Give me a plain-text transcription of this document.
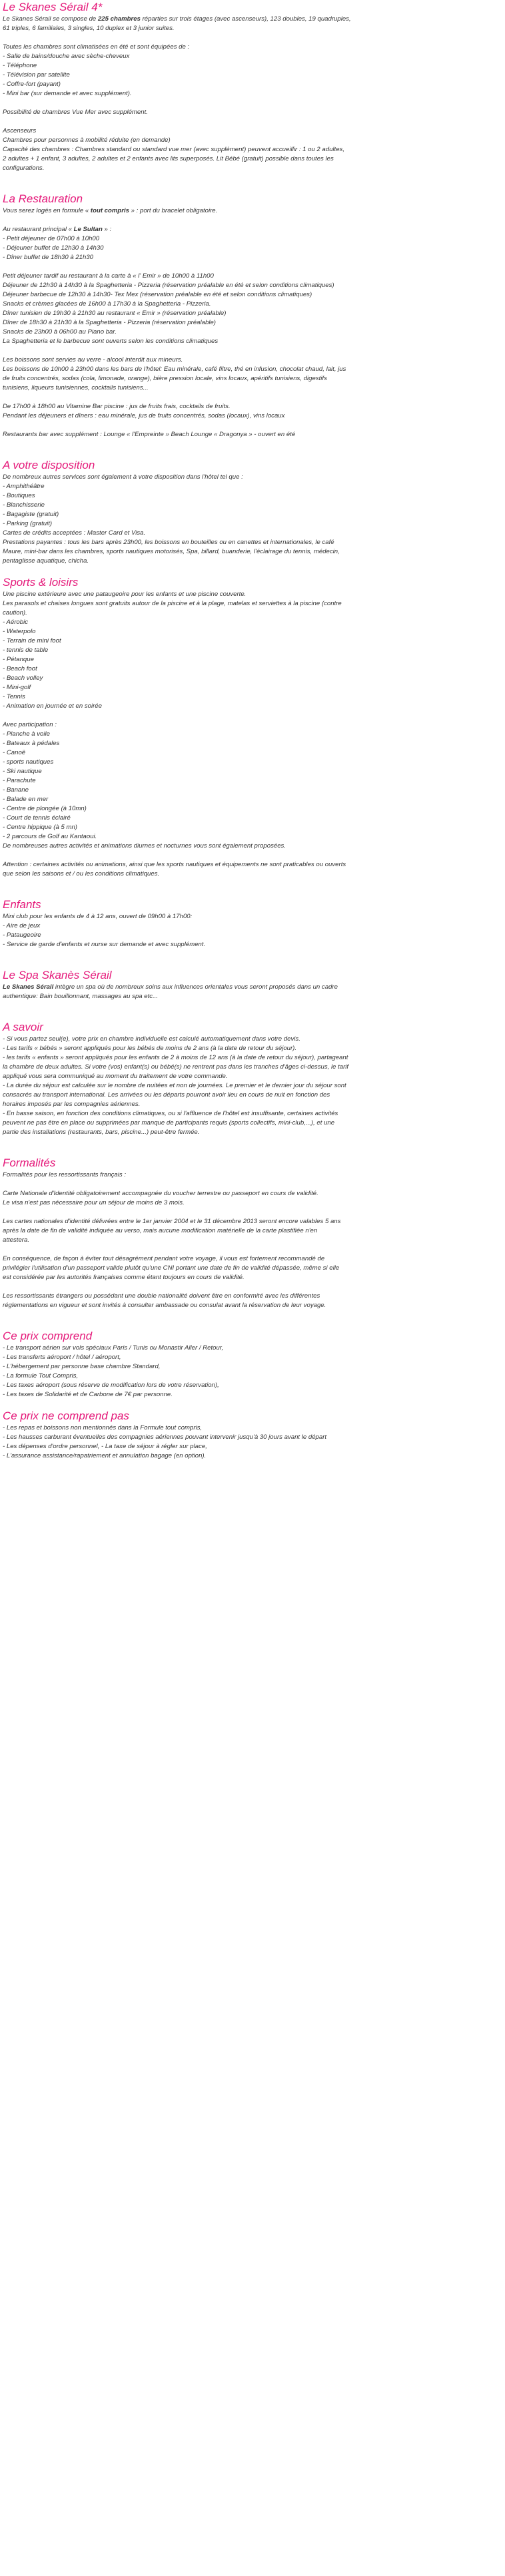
Le Skanes Sérail 4*
Le Skanes Sérail se compose de 225 chambres réparties sur trois étages (avec ascenseurs), 123 doubles, 19 quadruples,
61 triples, 6 familiales, 3 singles, 10 duplex et 3 junior suites.
Toutes les chambres sont climatisées en été et sont équipées de :
- Salle de bains/douche avec sèche-cheveux
- Téléphone
- Télévision par satellite
- Coffre-fort (payant)
- Mini bar (sur demande et avec supplément).
Possibilité de chambres Vue Mer avec supplément.
Ascenseurs
Chambres pour personnes à mobilité réduite (en demande)
Capacité des chambres : Chambres standard ou standard vue mer (avec supplément) peuvent accueillir : 1 ou 2 adultes,
2 adultes + 1 enfant, 3 adultes, 2 adultes et 2 enfants avec lits superposés. Lit Bébé (gratuit) possible dans toutes les
configurations.
La Restauration
Vous serez logés en formule « tout compris » : port du bracelet obligatoire.
Au restaurant principal « Le Sultan » :
- Petit déjeuner de 07h00 à 10h00
- Déjeuner buffet de 12h30 à 14h30
- Dîner buffet de 18h30 à 21h30
Petit déjeuner tardif au restaurant à la carte à « l' Emir » de 10h00 à 11h00
Déjeuner de 12h30 à 14h30 à la Spaghetteria - Pizzeria (réservation préalable en été et selon conditions climatiques)
Déjeuner barbecue de 12h30 à 14h30- Tex Mex (réservation préalable en été et selon conditions climatiques)
Snacks et crèmes glacées de 16h00 à 17h30 à la Spaghetteria - Pizzeria.
Dîner tunisien de 19h30 à 21h30 au restaurant « Emir » (réservation préalable)
Dîner de 18h30 à 21h30 à la Spaghetteria - Pizzeria (réservation préalable)
Snacks de 23h00 à 06h00 au Piano bar.
La Spaghetteria et le barbecue sont ouverts selon les conditions climatiques
Les boissons sont servies au verre - alcool interdit aux mineurs.
Les boissons de 10h00 à 23h00 dans les bars de l'hôtel: Eau minérale, café filtre, thé en infusion, chocolat chaud, lait, jus
de fruits concentrés, sodas (cola, limonade, orange), bière pression locale, vins locaux, apéritifs tunisiens, digestifs
tunisiens, liqueurs tunisiennes, cocktails tunisiens...
De 17h00 à 18h00 au Vitamine Bar piscine : jus de fruits frais, cocktails de fruits.
Pendant les déjeuners et dîners : eau minérale, jus de fruits concentrés, sodas (locaux), vins locaux
Restaurants bar avec supplément : Lounge « l'Empreinte » Beach Lounge « Dragonya » - ouvert en été
A votre disposition
De nombreux autres services sont également à votre disposition dans l'hôtel tel que :
- Amphithéâtre
- Boutiques
- Blanchisserie
- Bagagiste (gratuit)
- Parking (gratuit)
Cartes de crédits acceptées : Master Card et Visa.
Prestations payantes : tous les bars après 23h00, les boissons en bouteilles ou en canettes et internationales, le café
Maure, mini-bar dans les chambres, sports nautiques motorisés, Spa, billard, buanderie, l'éclairage du tennis, médecin,
pentaglisse aquatique, chicha.
Sports & loisirs
Une piscine extérieure avec une pataugeoire pour les enfants et une piscine couverte.
Les parasols et chaises longues sont gratuits autour de la piscine et à la plage, matelas et serviettes à la piscine (contre
caution).
- Aérobic
- Waterpolo
- Terrain de mini foot
- tennis de table
- Pétanque
- Beach foot
- Beach volley
- Mini-golf
- Tennis
- Animation en journée et en soirée
Avec participation :
- Planche à voile
- Bateaux à pédales
- Canoë
- sports nautiques
- Ski nautique
- Parachute
- Banane
- Balade en mer
- Centre de plongée (à 10mn)
- Court de tennis éclairé
- Centre hippique (à 5 mn)
- 2 parcours de Golf au Kantaoui.
De nombreuses autres activités et animations diurnes et nocturnes vous sont également proposées.
Attention : certaines activités ou animations, ainsi que les sports nautiques et équipements ne sont praticables ou ouverts
que selon les saisons et / ou les conditions climatiques.
Enfants
Mini club pour les enfants de 4 à 12 ans, ouvert de 09h00 à 17h00:
- Aire de jeux
- Pataugeoire
- Service de garde d'enfants et nurse sur demande et avec supplément.
Le Spa Skanès Sérail
Le Skanes Sérail intègre un spa où de nombreux soins aux influences orientales vous seront proposés dans un cadre
authentique: Bain bouillonnant, massages au spa etc...
A savoir
- Si vous partez seul(e), votre prix en chambre individuelle est calculé automatiquement dans votre devis.
- Les tarifs « bébés » seront appliqués pour les bébés de moins de 2 ans (à la date de retour du séjour).
- les tarifs « enfants » seront appliqués pour les enfants de 2 à moins de 12 ans (à la date de retour du séjour), partageant
la chambre de deux adultes. Si votre (vos) enfant(s) ou bébé(s) ne rentrent pas dans les tranches d'âges ci-dessus, le tarif
appliqué vous sera communiqué au moment du traitement de votre commande.
- La durée du séjour est calculée sur le nombre de nuitées et non de journées. Le premier et le dernier jour du séjour sont
consacrés au transport international. Les arrivées ou les départs pourront avoir lieu en cours de nuit en fonction des
horaires imposés par les compagnies aériennes.
- En basse saison, en fonction des conditions climatiques, ou si l'affluence de l'hôtel est insuffisante, certaines activités
peuvent ne pas être en place ou supprimées par manque de participants requis (sports collectifs, mini-club,...), et une
partie des installations (restaurants, bars, piscine...) peut-être fermée.
Formalités
Formalités pour les ressortissants français :
Carte Nationale d'Identité obligatoirement accompagnée du voucher terrestre ou passeport en cours de validité.
Le visa n'est pas nécessaire pour un séjour de moins de 3 mois.
Les cartes nationales d'identité délivrées entre le 1er janvier 2004 et le 31 décembre 2013 seront encore valables 5 ans
après la date de fin de validité indiquée au verso, mais aucune modification matérielle de la carte plastifiée n'en
attestera.
En conséquence, de façon à éviter tout désagrément pendant votre voyage, il vous est fortement recommandé de
privilégier l'utilisation d'un passeport valide plutôt qu'une CNI portant une date de fin de validité dépassée, même si elle
est considérée par les autorités françaises comme étant toujours en cours de validité.
Les ressortissants étrangers ou possédant une double nationalité doivent être en conformité avec les différentes
réglementations en vigueur et sont invités à consulter ambassade ou consulat avant la réservation de leur voyage.
Ce prix comprend
- Le transport aérien sur vols spéciaux Paris / Tunis ou Monastir Aller / Retour,
- Les transferts aéroport / hôtel / aéroport,
- L'hébergement par personne base chambre Standard,
- La formule Tout Compris,
- Les taxes aéroport (sous réserve de modification lors de votre réservation),
- Les taxes de Solidarité et de Carbone de 7€ par personne.
Ce prix ne comprend pas
- Les repas et boissons non mentionnés dans la Formule tout compris,
- Les hausses carburant éventuelles des compagnies aériennes pouvant intervenir jusqu'à 30 jours avant le départ
- Les dépenses d'ordre personnel, - La taxe de séjour à régler sur place,
- L'assurance assistance/rapatriement et annulation bagage (en option).
